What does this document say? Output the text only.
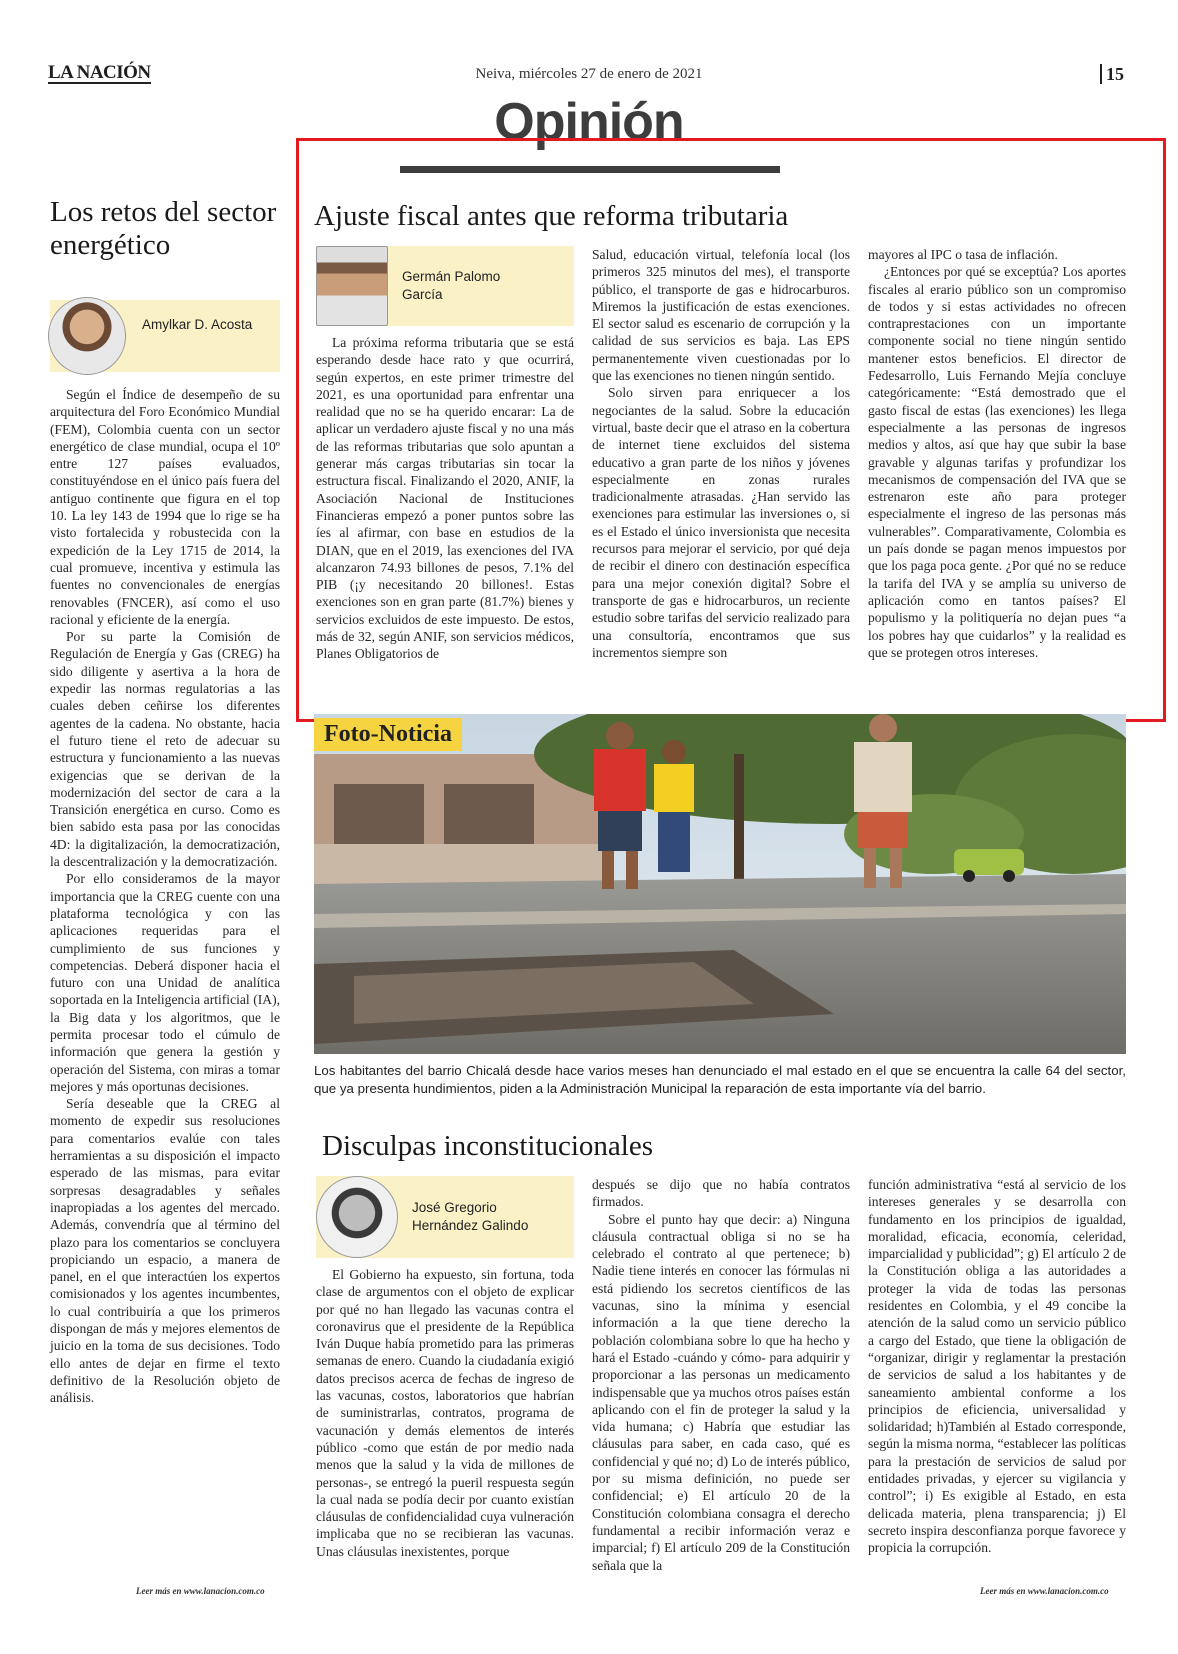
LA NACIÓN	Neiva, miércoles 27 de enero de 2021	15
Opinión
Los retos del sector energético
Amylkar D. Acosta

Según el Índice de desempeño de su arquitectura del Foro Económico Mundial (FEM), Colombia cuenta con un sector energético de clase mundial, ocupa el 10º entre 127 países evaluados, constituyéndose en el único país fuera del antiguo continente que figura en el top 10. La ley 143 de 1994 que lo rige se ha visto fortalecida y robustecida con la expedición de la Ley 1715 de 2014, la cual promueve, incentiva y estimula las fuentes no convencionales de energías renovables (FNCER), así como el uso racional y eficiente de la energía.

Por su parte la Comisión de Regulación de Energía y Gas (CREG) ha sido diligente y asertiva a la hora de expedir las normas regulatorias a las cuales deben ceñirse los diferentes agentes de la cadena. No obstante, hacia el futuro tiene el reto de adecuar su estructura y funcionamiento a las nuevas exigencias que se derivan de la modernización del sector de cara a la Transición energética en curso. Como es bien sabido esta pasa por las conocidas 4D: la digitalización, la democratización, la descentralización y la democratización.

Por ello consideramos de la mayor importancia que la CREG cuente con una plataforma tecnológica y con las aplicaciones requeridas para el cumplimiento de sus funciones y competencias. Deberá disponer hacia el futuro con una Unidad de analítica soportada en la Inteligencia artificial (IA), la Big data y los algoritmos, que le permita procesar todo el cúmulo de información que genera la gestión y operación del Sistema, con miras a tomar mejores y más oportunas decisiones.

Sería deseable que la CREG al momento de expedir sus resoluciones para comentarios evalúe con tales herramientas a su disposición el impacto esperado de las mismas, para evitar sorpresas desagradables y señales inapropiadas a los agentes del mercado. Además, convendría que al término del plazo para los comentarios se concluyera propiciando un espacio, a manera de panel, en el que interactúen los expertos comisionados y los agentes incumbentes, lo cual contribuiría a que los primeros dispongan de más y mejores elementos de juicio en la toma de sus decisiones. Todo ello antes de dejar en firme el texto definitivo de la Resolución objeto de análisis.

Leer más en www.lanacion.com.co
Ajuste fiscal antes que reforma tributaria
Germán Palomo García

La próxima reforma tributaria que se está esperando desde hace rato y que ocurrirá, según expertos, en este primer trimestre del 2021, es una oportunidad para enfrentar una realidad que no se ha querido encarar: La de aplicar un verdadero ajuste fiscal y no una más de las reformas tributarias que solo apuntan a generar más cargas tributarias sin tocar la estructura fiscal. Finalizando el 2020, ANIF, la Asociación Nacional de Instituciones Financieras empezó a poner puntos sobre las íes al afirmar, con base en estudios de la DIAN, que en el 2019, las exenciones del IVA alcanzaron 74.93 billones de pesos, 7.1% del PIB (¡y necesitando 20 billones!. Estas exenciones son en gran parte (81.7%) bienes y servicios excluidos de este impuesto. De estos, más de 32, según ANIF, son servicios médicos, Planes Obligatorios de

Salud, educación virtual, telefonía local (los primeros 325 minutos del mes), el transporte público, el transporte de gas e hidrocarburos. Miremos la justificación de estas exenciones. El sector salud es escenario de corrupción y la calidad de sus servicios es baja. Las EPS permanentemente viven cuestionadas por lo que las exenciones no tienen ningún sentido.

Solo sirven para enriquecer a los negociantes de la salud. Sobre la educación virtual, baste decir que el atraso en la cobertura de internet tiene excluidos del sistema educativo a gran parte de los niños y jóvenes especialmente en zonas rurales tradicionalmente atrasadas. ¿Han servido las exenciones para estimular las inversiones o, si es el Estado el único inversionista que necesita recursos para mejorar el servicio, por qué deja de recibir el dinero con destinación específica para una mejor conexión digital? Sobre el transporte de gas e hidrocarburos, un reciente estudio sobre tarifas del servicio realizado para una consultoría, encontramos que sus incrementos siempre son

mayores al IPC o tasa de inflación.

¿Entonces por qué se exceptúa? Los aportes fiscales al erario público son un compromiso de todos y si estas actividades no ofrecen contraprestaciones con un importante componente social no tiene ningún sentido mantener estos beneficios. El director de Fedesarrollo, Luis Fernando Mejía concluye categóricamente: “Está demostrado que el gasto fiscal de estas (las exenciones) les llega especialmente a las personas de ingresos medios y altos, así que hay que subir la base gravable y algunas tarifas y profundizar los mecanismos de compensación del IVA que se estrenaron este año para proteger especialmente el ingreso de las personas más vulnerables”. Comparativamente, Colombia es un país donde se pagan menos impuestos por que los paga poca gente. ¿Por qué no se reduce la tarifa del IVA y se amplía su universo de aplicación como en tantos países? El populismo y la politiquería no dejan pues “a los pobres hay que cuidarlos” y la realidad es que se protegen otros intereses.

Foto-Noticia
Los habitantes del barrio Chicalá desde hace varios meses han denunciado el mal estado en el que se encuentra la calle 64 del sector, que ya presenta hundimientos, piden a la Administración Municipal la reparación de esta importante vía del barrio.
Disculpas inconstitucionales
José Gregorio Hernández Galindo

El Gobierno ha expuesto, sin fortuna, toda clase de argumentos con el objeto de explicar por qué no han llegado las vacunas contra el coronavirus que el presidente de la República Iván Duque había prometido para las primeras semanas de enero. Cuando la ciudadanía exigió datos precisos acerca de fechas de ingreso de las vacunas, costos, laboratorios que habrían de suministrarlas, contratos, programa de vacunación y demás elementos de interés público -como que están de por medio nada menos que la salud y la vida de millones de personas-, se entregó la pueril respuesta según la cual nada se podía decir por cuanto existían cláusulas de confidencialidad cuya vulneración implicaba que no se recibieran las vacunas. Unas cláusulas inexistentes, porque

después se dijo que no había contratos firmados.

Sobre el punto hay que decir: a) Ninguna cláusula contractual obliga si no se ha celebrado el contrato al que pertenece; b) Nadie tiene interés en conocer las fórmulas ni está pidiendo los secretos científicos de las vacunas, sino la mínima y esencial información a la que tiene derecho la población colombiana sobre lo que ha hecho y hará el Estado -cuándo y cómo- para adquirir y proporcionar a las personas un medicamento indispensable que ya muchos otros países están aplicando con el fin de proteger la salud y la vida humana; c) Habría que estudiar las cláusulas para saber, en cada caso, qué es confidencial y qué no; d) Lo de interés público, por su misma definición, no puede ser confidencial; e) El artículo 20 de la Constitución colombiana consagra el derecho fundamental a recibir información veraz e imparcial; f) El artículo 209 de la Constitución señala que la

función administrativa “está al servicio de los intereses generales y se desarrolla con fundamento en los principios de igualdad, moralidad, eficacia, economía, celeridad, imparcialidad y publicidad”; g) El artículo 2 de la Constitución obliga a las autoridades a proteger la vida de todas las personas residentes en Colombia, y el 49 concibe la atención de la salud como un servicio público a cargo del Estado, que tiene la obligación de “organizar, dirigir y reglamentar la prestación de servicios de salud a los habitantes y de saneamiento ambiental conforme a los principios de eficiencia, universalidad y solidaridad; h)También al Estado corresponde, según la misma norma, “establecer las políticas para la prestación de servicios de salud por entidades privadas, y ejercer su vigilancia y control”; i) Es exigible al Estado, en esta delicada materia, plena transparencia; j) El secreto inspira desconfianza porque favorece y propicia la corrupción.

Leer más en www.lanacion.com.co
